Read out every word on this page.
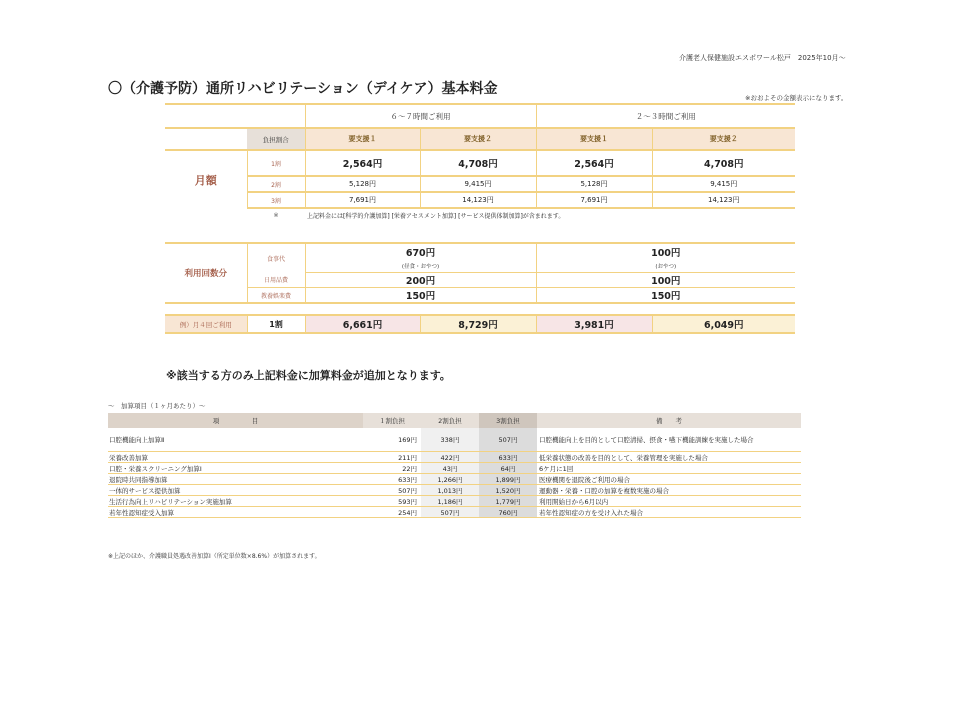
介護老人保健施設エスポワール松戸　2025年10月～
〇（介護予防）通所リハビリテーション（デイケア）基本料金
※おおよその金額表示になります。
		６～７時間ご利用		２～３時間ご利用	
	負担割合	要支援１	要支援２	要支援１	要支援２
月額	1割	2,564円	4,708円	2,564円	4,708円
	2割	5,128円	9,415円	5,128円	9,415円
	3割	7,691円	14,123円	7,691円	14,123円
	※	上記料金には[科学的介護加算] [栄養アセスメント加算] [サービス提供体制加算]が含まれます。			

利用回数分	食事代	670円		100円	
		(昼食・おやつ)		(おやつ)	
	日用品費	200円		100円	
	教養娯楽費	150円		150円	

例）月４回ご利用	1割	6,661円	8,729円	3,981円	6,049円
※該当する方のみ上記料金に加算料金が追加となります。
～　加算項目（１ヶ月あたり）～
項　　　　　目	１割負担	2割負担	3割負担	備　　考
口腔機能向上加算Ⅱ	169円	338円	507円	口腔機能向上を目的として口腔清掃、摂食・嚥下機能訓練を実施した場合
栄養改善加算	211円	422円	633円	低栄養状態の改善を目的として、栄養管理を実施した場合
口腔・栄養スクリーニング加算Ⅰ	22円	43円	64円	6ケ月に1回
退院時共同指導加算	633円	1,266円	1,899円	医療機関を退院後ご利用の場合
一体的サービス提供加算	507円	1,013円	1,520円	運動器・栄養・口腔の加算を複数実施の場合
生活行為向上リハビリテーション実施加算	593円	1,186円	1,779円	利用開始日から6月以内
若年性認知症受入加算	254円	507円	760円	若年性認知症の方を受け入れた場合
※上記のほか、介護職員処遇改善加算Ⅰ（所定単位数×8.6%）が加算されます。
